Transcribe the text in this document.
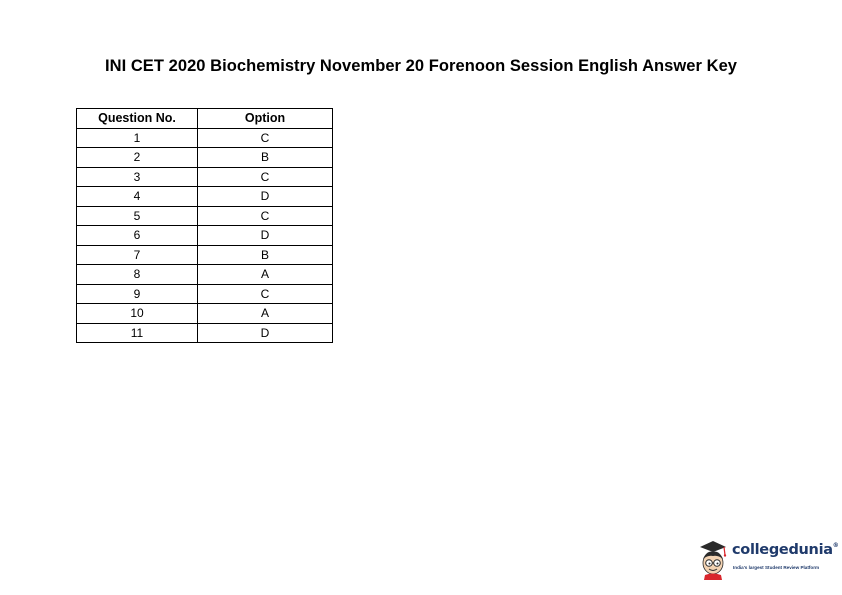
INI CET 2020 Biochemistry November 20 Forenoon Session English Answer Key
Question No.	Option
1	C
2	B
3	C
4	D
5	C
6	D
7	B
8	A
9	C
10	A
11	D
collegedunia®
India's largest Student Review Platform
